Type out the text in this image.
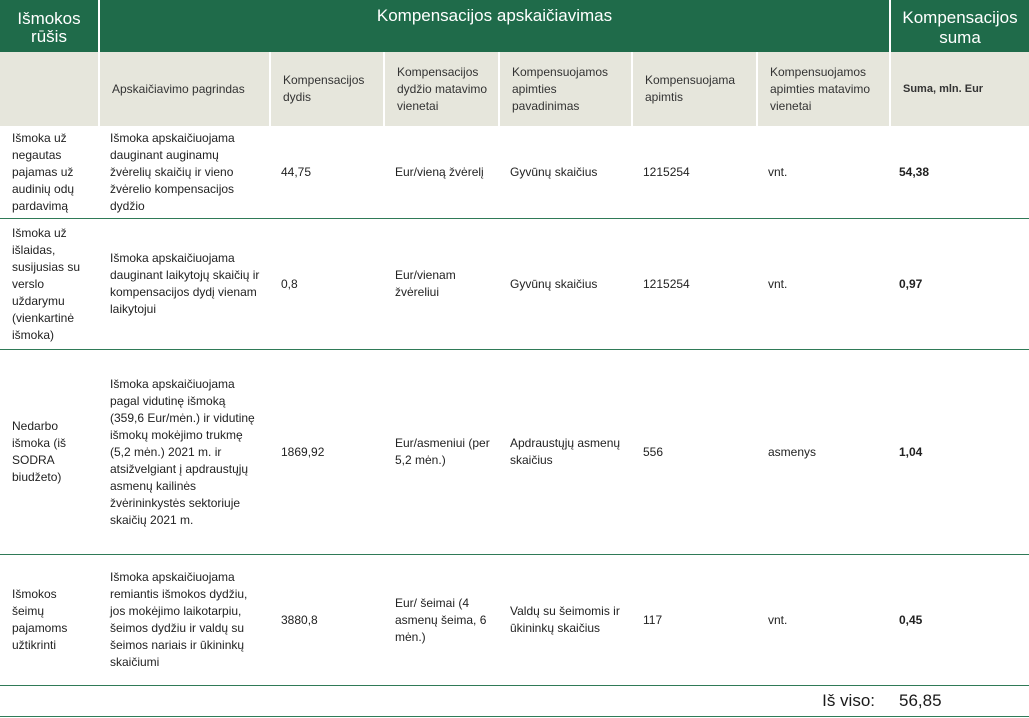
Išmokos rūšis	Kompensacijos apskaičiavimas						Kompensacijos suma

	Apskaičiavimo pagrindas	Kompensacijos dydis	Kompensacijos dydžio matavimo vienetai	Kompensuojamos apimties pavadinimas	Kompensuojama apimtis	Kompensuojamos apimties matavimo vienetai	Suma, mln. Eur

Išmoka už negautas pajamas už audinių odų pardavimą	Išmoka apskaičiuojama dauginant auginamų žvėrelių skaičių ir vieno žvėrelio kompensacijos dydžio	44,75	Eur/vieną žvėrelį	Gyvūnų skaičius	1215254	vnt.	54,38
Išmoka už išlaidas, susijusias su verslo uždarymu (vienkartinė išmoka)	Išmoka apskaičiuojama dauginant laikytojų skaičių ir kompensacijos dydį vienam laikytojui	0,8	Eur/vienam žvėreliui	Gyvūnų skaičius	1215254	vnt.	0,97
Nedarbo išmoka (iš SODRA biudžeto)	Išmoka apskaičiuojama pagal vidutinę išmoką (359,6 Eur/mėn.) ir vidutinę išmokų mokėjimo trukmę (5,2 mėn.) 2021 m. ir atsižvelgiant į apdraustųjų asmenų kailinės žvėrininkystės sektoriuje skaičių 2021 m.	1869,92	Eur/asmeniui (per 5,2 mėn.)	Apdraustųjų asmenų skaičius	556	asmenys	1,04
Išmokos šeimų pajamoms užtikrinti	Išmoka apskaičiuojama remiantis išmokos dydžiu, jos mokėjimo laikotarpiu, šeimos dydžiu ir valdų su šeimos nariais ir ūkininkų skaičiumi	3880,8	Eur/ šeimai (4 asmenų šeima, 6 mėn.)	Valdų su šeimomis ir ūkininkų skaičius	117	vnt.	0,45
Iš viso:							56,85
